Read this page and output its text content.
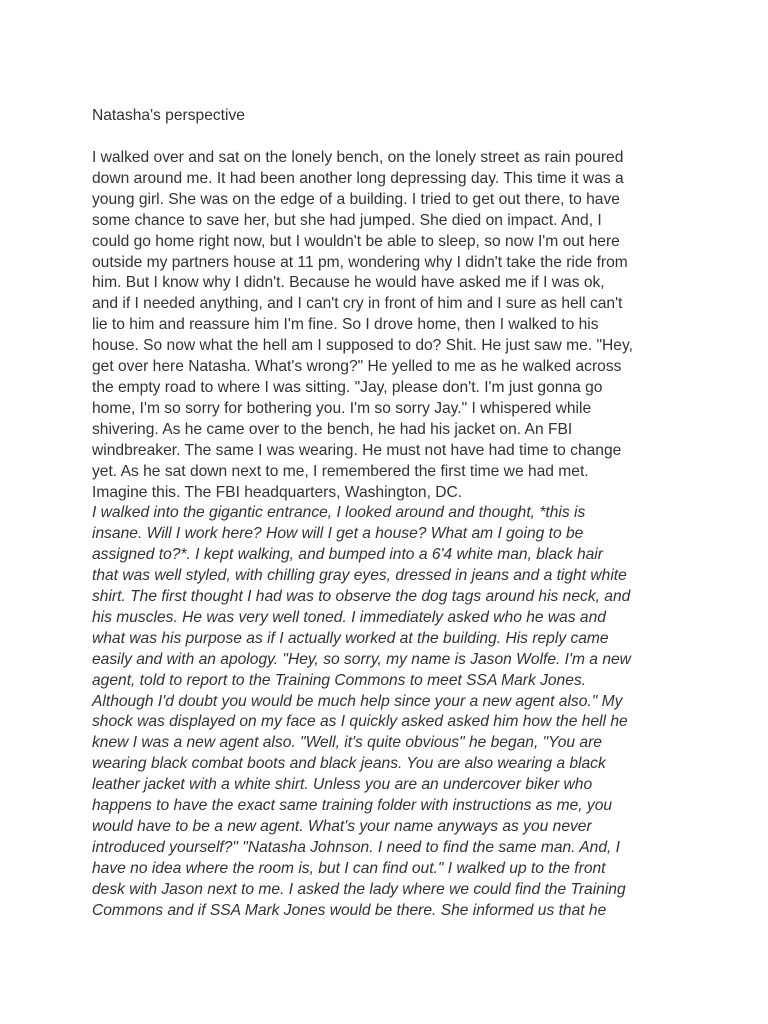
Natasha's perspective
I walked over and sat on the lonely bench, on the lonely street as rain poured
down around me. It had been another long depressing day. This time it was a
young girl. She was on the edge of a building. I tried to get out there, to have
some chance to save her, but she had jumped. She died on impact. And, I
could go home right now, but I wouldn't be able to sleep, so now I'm out here
outside my partners house at 11 pm, wondering why I didn't take the ride from
him. But I know why I didn't. Because he would have asked me if I was ok,
and if I needed anything, and I can't cry in front of him and I sure as hell can't
lie to him and reassure him I'm fine. So I drove home, then I walked to his
house. So now what the hell am I supposed to do? Shit. He just saw me. "Hey,
get over here Natasha. What's wrong?" He yelled to me as he walked across
the empty road to where I was sitting. "Jay, please don't. I'm just gonna go
home, I'm so sorry for bothering you. I'm so sorry Jay." I whispered while
shivering. As he came over to the bench, he had his jacket on. An FBI
windbreaker. The same I was wearing. He must not have had time to change
yet. As he sat down next to me, I remembered the first time we had met.
Imagine this. The FBI headquarters, Washington, DC.
I walked into the gigantic entrance, I looked around and thought, *this is
insane. Will I work here? How will I get a house? What am I going to be
assigned to?*. I kept walking, and bumped into a 6'4 white man, black hair
that was well styled, with chilling gray eyes, dressed in jeans and a tight white
shirt. The first thought I had was to observe the dog tags around his neck, and
his muscles. He was very well toned. I immediately asked who he was and
what was his purpose as if I actually worked at the building. His reply came
easily and with an apology. "Hey, so sorry, my name is Jason Wolfe. I'm a new
agent, told to report to the Training Commons to meet SSA Mark Jones.
Although I'd doubt you would be much help since your a new agent also." My
shock was displayed on my face as I quickly asked asked him how the hell he
knew I was a new agent also. "Well, it's quite obvious" he began, "You are
wearing black combat boots and black jeans. You are also wearing a black
leather jacket with a white shirt. Unless you are an undercover biker who
happens to have the exact same training folder with instructions as me, you
would have to be a new agent. What's your name anyways as you never
introduced yourself?" "Natasha Johnson. I need to find the same man. And, I
have no idea where the room is, but I can find out." I walked up to the front
desk with Jason next to me. I asked the lady where we could find the Training
Commons and if SSA Mark Jones would be there. She informed us that he
